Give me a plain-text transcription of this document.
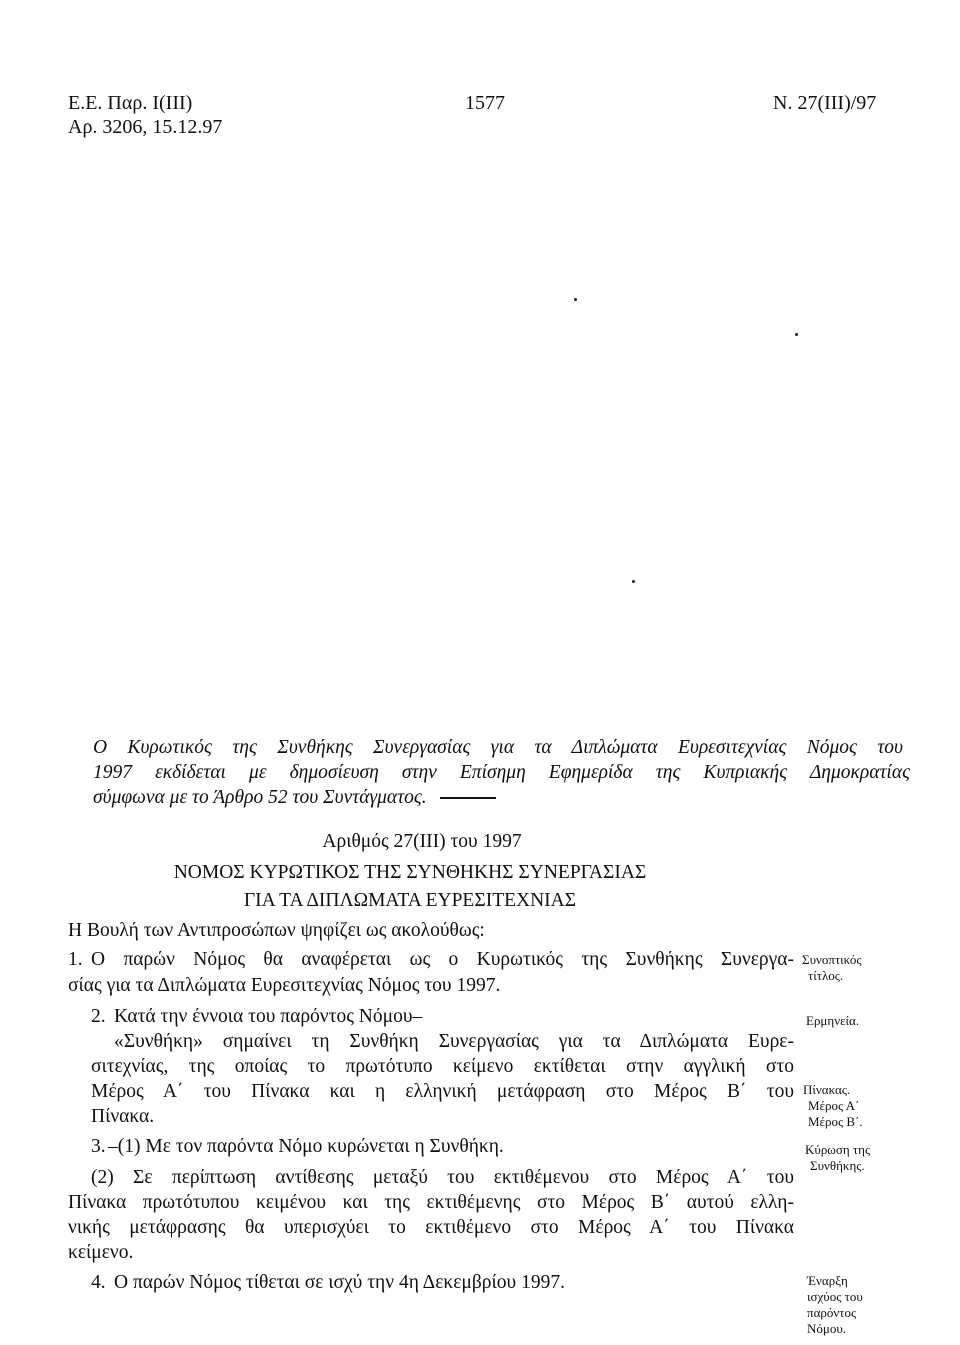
Ε.Ε. Παρ. Ι(ΙΙΙ)
Αρ. 3206, 15.12.97
1577	Ν. 27(ΙΙΙ)/97
Ο Κυρωτικός της Συνθήκης Συνεργασίας για τα Διπλώματα Ευρεσιτεχνίας Νόμος του
1997 εκδίδεται με δημοσίευση στην Επίσημη Εφημερίδα της Κυπριακής Δημοκρατίας
σύμφωνα με το Άρθρο 52 του Συντάγματος.
Αριθμός 27(ΙΙΙ) του 1997
ΝΟΜΟΣ ΚΥΡΩΤΙΚΟΣ ΤΗΣ ΣΥΝΘΗΚΗΣ ΣΥΝΕΡΓΑΣΙΑΣ
ΓΙΑ ΤΑ ΔΙΠΛΩΜΑΤΑ ΕΥΡΕΣΙΤΕΧΝΙΑΣ
Η Βουλή των Αντιπροσώπων ψηφίζει ως ακολούθως:
1. Ο παρών Νόμος θα αναφέρεται ως ο Κυρωτικός της Συνθήκης Συνεργα-
σίας για τα Διπλώματα Ευρεσιτεχνίας Νόμος του 1997.
Συνοπτικός
τίτλος.
2. Κατά την έννοια του παρόντος Νόμου–	Ερμηνεία.
«Συνθήκη» σημαίνει τη Συνθήκη Συνεργασίας για τα Διπλώματα Ευρε-
σιτεχνίας, της οποίας το πρωτότυπο κείμενο εκτίθεται στην αγγλική στο
Μέρος Α΄ του Πίνακα και η ελληνική μετάφραση στο Μέρος Β΄ του
Πίνακα.
Πίνακας.
Μέρος Α΄
Μέρος Β΄.
3. –(1) Με τον παρόντα Νόμο κυρώνεται η Συνθήκη.	Κύρωση της
Συνθήκης.
(2) Σε περίπτωση αντίθεσης μεταξύ του εκτιθέμενου στο Μέρος Α΄ του
Πίνακα πρωτότυπου κειμένου και της εκτιθέμενης στο Μέρος Β΄ αυτού ελλη-
νικής μετάφρασης θα υπερισχύει το εκτιθέμενο στο Μέρος Α΄ του Πίνακα
κείμενο.
4. Ο παρών Νόμος τίθεται σε ισχύ την 4η Δεκεμβρίου 1997.	Έναρξη
ισχύος του
παρόντος
Νόμου.
